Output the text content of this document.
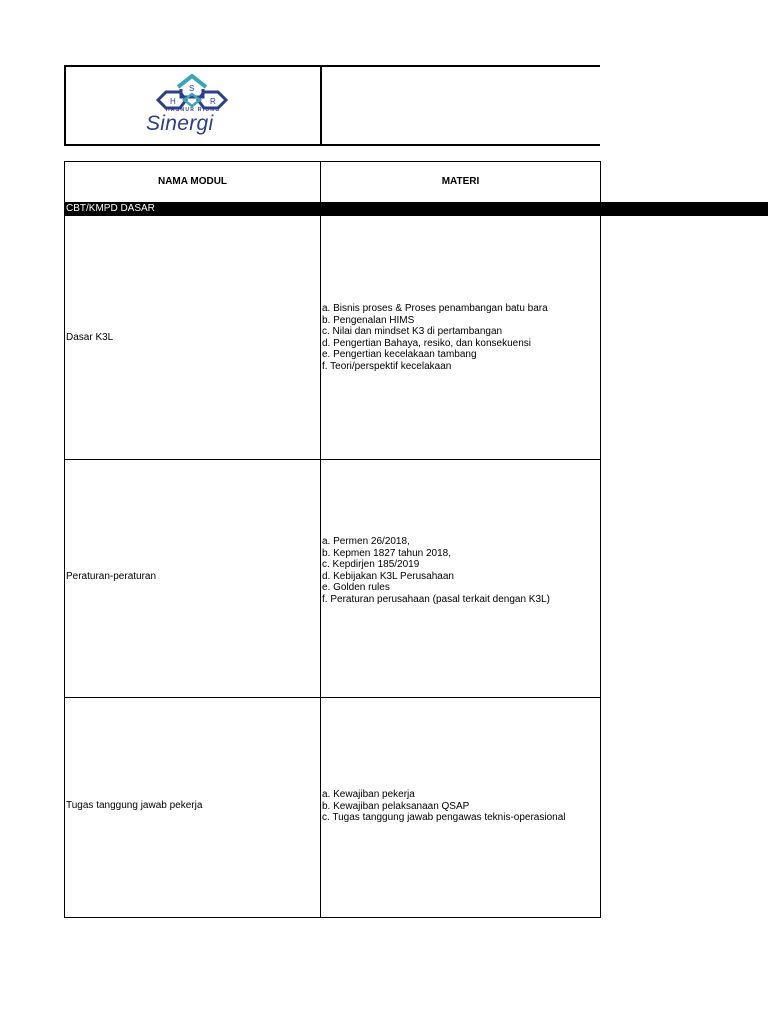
S
H	R
HASNUR RIUNG
Sinergi
NAMA MODUL	MATERI
CBT/KMPD DASAR
Dasar K3L
a. Bisnis proses & Proses penambangan batu bara
b. Pengenalan HIMS
c. Nilai dan mindset K3 di pertambangan
d. Pengertian Bahaya, resiko, dan konsekuensi
e. Pengertian kecelakaan tambang
f. Teori/perspektif kecelakaan
Peraturan-peraturan
a. Permen 26/2018,
b. Kepmen 1827 tahun 2018,
c. Kepdirjen 185/2019
d. Kebijakan K3L Perusahaan
e. Golden rules
f. Peraturan perusahaan (pasal terkait dengan K3L)
Tugas tanggung jawab pekerja
a. Kewajiban pekerja
b. Kewajiban pelaksanaan QSAP
c. Tugas tanggung jawab pengawas teknis-operasional
